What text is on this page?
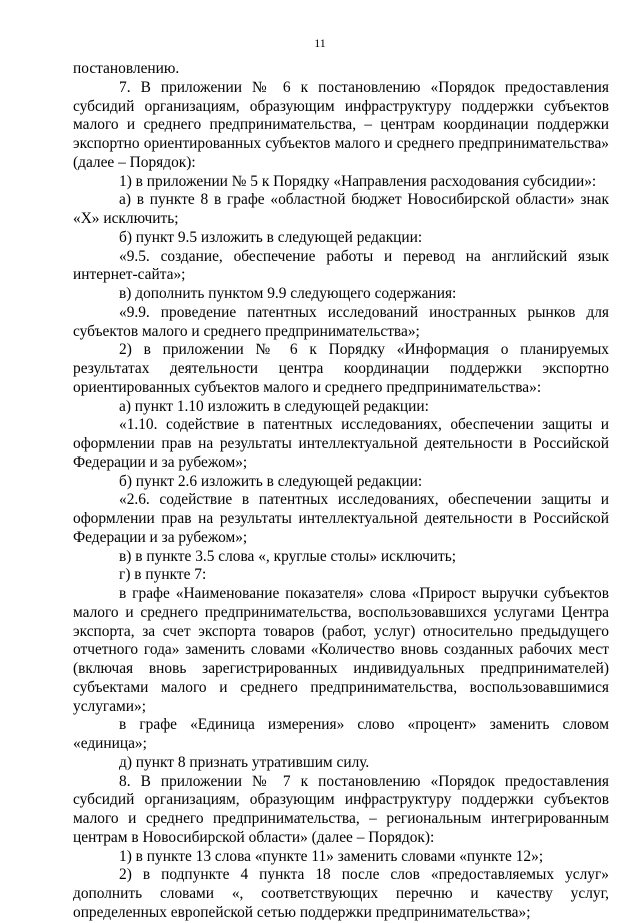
11

постановлению.

7. В приложении № 6 к постановлению «Порядок предоставления субсидий организациям, образующим инфраструктуру поддержки субъектов малого и среднего предпринимательства, – центрам координации поддержки экспортно ориентированных субъектов малого и среднего предпринимательства» (далее – Порядок):

1) в приложении № 5 к Порядку «Направления расходования субсидии»:

а) в пункте 8 в графе «областной бюджет Новосибирской области» знак «Х» исключить;

б) пункт 9.5 изложить в следующей редакции:

«9.5. создание, обеспечение работы и перевод на английский язык интернет-сайта»;

в) дополнить пунктом 9.9 следующего содержания:

«9.9. проведение патентных исследований иностранных рынков для субъектов малого и среднего предпринимательства»;

2) в приложении № 6 к Порядку «Информация о планируемых результатах деятельности центра координации поддержки экспортно ориентированных субъектов малого и среднего предпринимательства»:

а) пункт 1.10 изложить в следующей редакции:

«1.10. содействие в патентных исследованиях, обеспечении защиты и оформлении прав на результаты интеллектуальной деятельности в Российской Федерации и за рубежом»;

б) пункт 2.6 изложить в следующей редакции:

«2.6. содействие в патентных исследованиях, обеспечении защиты и оформлении прав на результаты интеллектуальной деятельности в Российской Федерации и за рубежом»;

в) в пункте 3.5 слова «, круглые столы» исключить;

г) в пункте 7:

в графе «Наименование показателя» слова «Прирост выручки субъектов малого и среднего предпринимательства, воспользовавшихся услугами Центра экспорта, за счет экспорта товаров (работ, услуг) относительно предыдущего отчетного года» заменить словами «Количество вновь созданных рабочих мест (включая вновь зарегистрированных индивидуальных предпринимателей) субъектами малого и среднего предпринимательства, воспользовавшимися услугами»;

в графе «Единица измерения» слово «процент» заменить словом «единица»;

д) пункт 8 признать утратившим силу.

8. В приложении № 7 к постановлению «Порядок предоставления субсидий организациям, образующим инфраструктуру поддержки субъектов малого и среднего предпринимательства, – региональным интегрированным центрам в Новосибирской области» (далее – Порядок):

1) в пункте 13 слова «пункте 11» заменить словами «пункте 12»;

2) в подпункте 4 пункта 18 после слов «предоставляемых услуг» дополнить словами «, соответствующих перечню и качеству услуг, определенных европейской сетью поддержки предпринимательства»;
